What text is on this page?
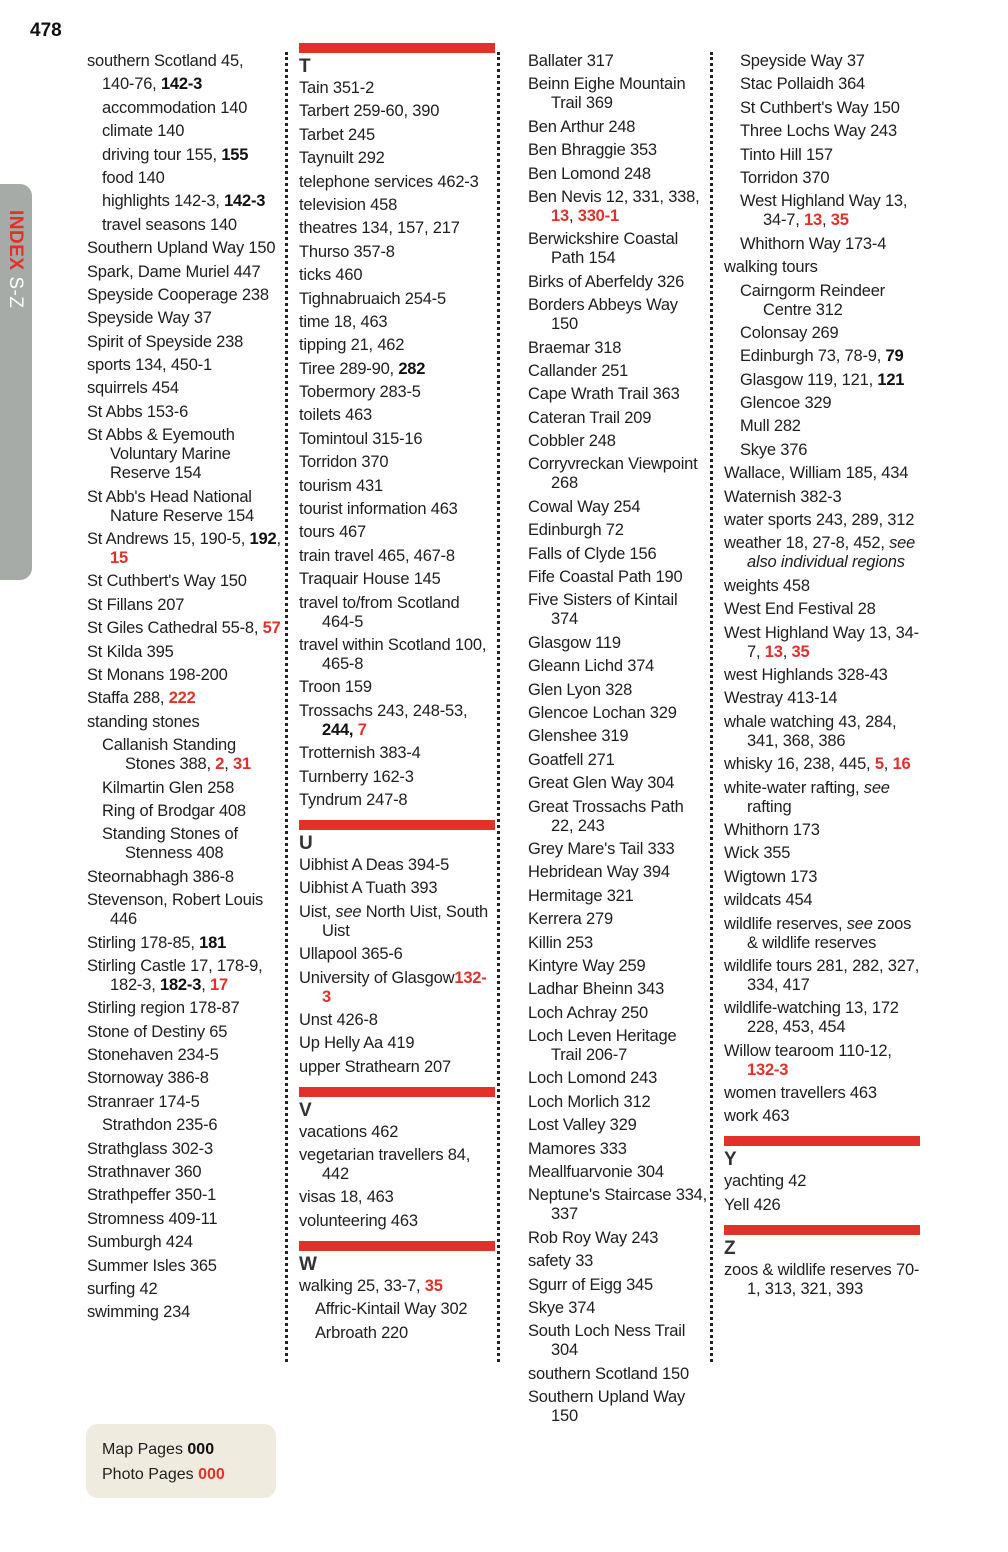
478
INDEX S-Z
southern Scotland 45,
140-76, 142-3
accommodation 140
climate 140
driving tour 155, 155
food 140
highlights 142-3, 142-3
travel seasons 140
Southern Upland Way 150
Spark, Dame Muriel 447
Speyside Cooperage 238
Speyside Way 37
Spirit of Speyside 238
sports 134, 450-1
squirrels 454
St Abbs 153-6
St Abbs & Eyemouth Voluntary Marine Reserve 154
St Abb's Head National Nature Reserve 154
St Andrews 15, 190-5, 192, 15
St Cuthbert's Way 150
St Fillans 207
St Giles Cathedral 55-8, 57
St Kilda 395
St Monans 198-200
Staffa 288, 222
standing stones
Callanish Standing Stones 388, 2, 31
Kilmartin Glen 258
Ring of Brodgar 408
Standing Stones of Stenness 408
Steornabhagh 386-8
Stevenson, Robert Louis 446
Stirling 178-85, 181
Stirling Castle 17, 178-9, 182-3, 182-3, 17
Stirling region 178-87
Stone of Destiny 65
Stonehaven 234-5
Stornoway 386-8
Stranraer 174-5
Strathdon 235-6
Strathglass 302-3
Strathnaver 360
Strathpeffer 350-1
Stromness 409-11
Sumburgh 424
Summer Isles 365
surfing 42
swimming 234
T
Tain 351-2
Tarbert 259-60, 390
Tarbet 245
Taynuilt 292
telephone services 462-3
television 458
theatres 134, 157, 217
Thurso 357-8
ticks 460
Tighnabruaich 254-5
time 18, 463
tipping 21, 462
Tiree 289-90, 282
Tobermory 283-5
toilets 463
Tomintoul 315-16
Torridon 370
tourism 431
tourist information 463
tours 467
train travel 465, 467-8
Traquair House 145
travel to/from Scotland 464-5
travel within Scotland 100, 465-8
Troon 159
Trossachs 243, 248-53, 244, 7
Trotternish 383-4
Turnberry 162-3
Tyndrum 247-8
U
Uibhist A Deas 394-5
Uibhist A Tuath 393
Uist, see North Uist, South Uist
Ullapool 365-6
University of Glasgow132-3
Unst 426-8
Up Helly Aa 419
upper Strathearn 207
V
vacations 462
vegetarian travellers 84, 442
visas 18, 463
volunteering 463
W
walking 25, 33-7, 35
Affric-Kintail Way 302
Arbroath 220
Ballater 317
Beinn Eighe Mountain Trail 369
Ben Arthur 248
Ben Bhraggie 353
Ben Lomond 248
Ben Nevis 12, 331, 338, 13, 330-1
Berwickshire Coastal Path 154
Birks of Aberfeldy 326
Borders Abbeys Way 150
Braemar 318
Callander 251
Cape Wrath Trail 363
Cateran Trail 209
Cobbler 248
Corryvreckan Viewpoint 268
Cowal Way 254
Edinburgh 72
Falls of Clyde 156
Fife Coastal Path 190
Five Sisters of Kintail 374
Glasgow 119
Gleann Lichd 374
Glen Lyon 328
Glencoe Lochan 329
Glenshee 319
Goatfell 271
Great Glen Way 304
Great Trossachs Path 22, 243
Grey Mare's Tail 333
Hebridean Way 394
Hermitage 321
Kerrera 279
Killin 253
Kintyre Way 259
Ladhar Bheinn 343
Loch Achray 250
Loch Leven Heritage Trail 206-7
Loch Lomond 243
Loch Morlich 312
Lost Valley 329
Mamores 333
Meallfuarvonie 304
Neptune's Staircase 334, 337
Rob Roy Way 243
safety 33
Sgurr of Eigg 345
Skye 374
South Loch Ness Trail 304
southern Scotland 150
Southern Upland Way 150
Speyside Way 37
Stac Pollaidh 364
St Cuthbert's Way 150
Three Lochs Way 243
Tinto Hill 157
Torridon 370
West Highland Way 13, 34-7, 13, 35
Whithorn Way 173-4
walking tours
Cairngorm Reindeer Centre 312
Colonsay 269
Edinburgh 73, 78-9, 79
Glasgow 119, 121, 121
Glencoe 329
Mull 282
Skye 376
Wallace, William 185, 434
Waternish 382-3
water sports 243, 289, 312
weather 18, 27-8, 452, see also individual regions
weights 458
West End Festival 28
West Highland Way 13, 34-7, 13, 35
west Highlands 328-43
Westray 413-14
whale watching 43, 284, 341, 368, 386
whisky 16, 238, 445, 5, 16
white-water rafting, see rafting
Whithorn 173
Wick 355
Wigtown 173
wildcats 454
wildlife reserves, see zoos & wildlife reserves
wildlife tours 281, 282, 327, 334, 417
wildlife-watching 13, 172 228, 453, 454
Willow tearoom 110-12, 132-3
women travellers 463
work 463
Y
yachting 42
Yell 426
Z
zoos & wildlife reserves 70-1, 313, 321, 393
Map Pages 000
Photo Pages 000
